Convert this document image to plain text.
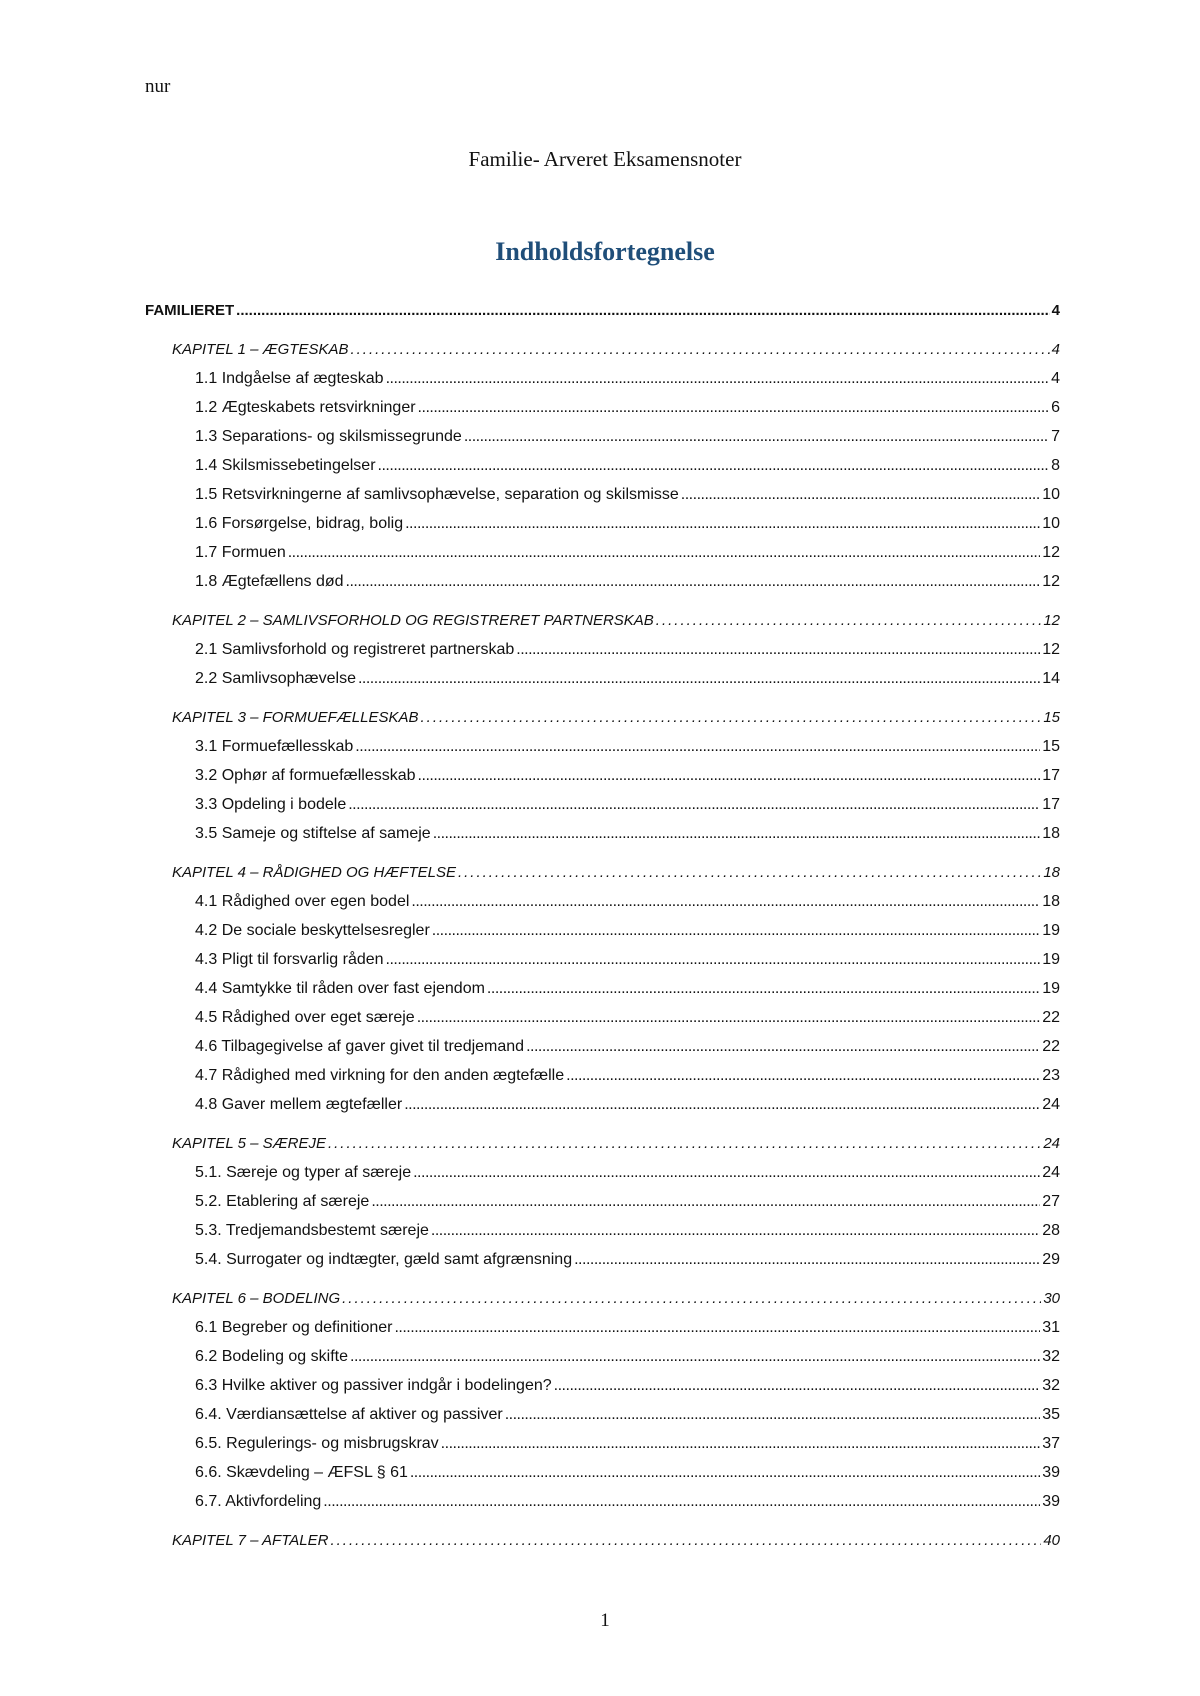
nur
Familie- Arveret Eksamensnoter
Indholdsfortegnelse
FAMILIERET .....	4
KAPITEL 1 – ÆGTESKAB .....	4
1.1 Indgåelse af ægteskab .....	4
1.2 Ægteskabets retsvirkninger .....	6
1.3 Separations- og skilsmissegrunde .....	7
1.4 Skilsmissebetingelser .....	8
1.5 Retsvirkningerne af samlivsophævelse, separation og skilsmisse .....	10
1.6 Forsørgelse, bidrag, bolig .....	10
1.7 Formuen .....	12
1.8 Ægtefællens død .....	12
KAPITEL 2 – SAMLIVSFORHOLD OG REGISTRERET PARTNERSKAB .....	12
2.1 Samlivsforhold og registreret partnerskab .....	12
2.2 Samlivsophævelse .....	14
KAPITEL 3 – FORMUEFÆLLESKAB .....	15
3.1 Formuefællesskab .....	15
3.2 Ophør af formuefællesskab .....	17
3.3 Opdeling i bodele .....	17
3.5 Sameje og stiftelse af sameje .....	18
KAPITEL 4 – RÅDIGHED OG HÆFTELSE .....	18
4.1 Rådighed over egen bodel .....	18
4.2 De sociale beskyttelsesregler .....	19
4.3 Pligt til forsvarlig råden .....	19
4.4 Samtykke til råden over fast ejendom .....	19
4.5 Rådighed over eget særeje .....	22
4.6 Tilbagegivelse af gaver givet til tredjemand .....	22
4.7 Rådighed med virkning for den anden ægtefælle .....	23
4.8 Gaver mellem ægtefæller .....	24
KAPITEL 5 – SÆREJE .....	24
5.1. Særeje og typer af særeje .....	24
5.2. Etablering af særeje .....	27
5.3. Tredjemandsbestemt særeje .....	28
5.4. Surrogater og indtægter, gæld samt afgrænsning .....	29
KAPITEL 6 – BODELING .....	30
6.1 Begreber og definitioner .....	31
6.2 Bodeling og skifte .....	32
6.3 Hvilke aktiver og passiver indgår i bodelingen? .....	32
6.4. Værdiansættelse af aktiver og passiver .....	35
6.5. Regulerings- og misbrugskrav .....	37
6.6. Skævdeling – ÆFSL § 61 .....	39
6.7. Aktivfordeling .....	39
KAPITEL 7 – AFTALER .....	40
1
